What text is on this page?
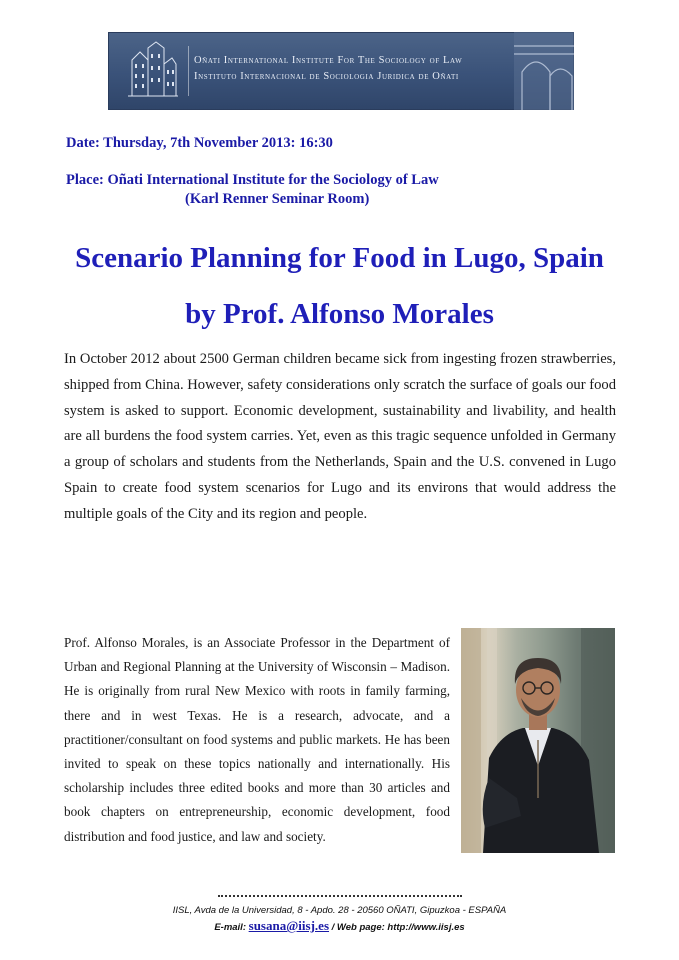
Oñati International Institute For The Sociology of Law
Instituto Internacional de Sociologia Juridica de Oñati
Date: Thursday, 7th November 2013: 16:30
Place: Oñati International Institute for the Sociology of Law
(Karl Renner Seminar Room)
Scenario Planning for Food in Lugo, Spain
by Prof. Alfonso Morales
In October 2012 about 2500 German children became sick from ingesting frozen strawberries, shipped from China. However, safety considerations only scratch the surface of goals our food system is asked to support. Economic development, sustainability and livability, and health are all burdens the food system carries. Yet, even as this tragic sequence unfolded in Germany a group of scholars and students from the Netherlands, Spain and the U.S. convened in Lugo Spain to create food system scenarios for Lugo and its environs that would address the multiple goals of the City and its region and people.
Prof. Alfonso Morales, is an Associate Professor in the Department of Urban and Regional Planning at the University of Wisconsin – Madison. He is originally from rural New Mexico with roots in family farming, there and in west Texas. He is a research, advocate, and a practitioner/consultant on food systems and public markets. He has been invited to speak on these topics nationally and internationally. His scholarship includes three edited books and more than 30 articles and book chapters on entrepreneurship, economic development, food distribution and food justice, and law and society.
IISL, Avda de la Universidad, 8 - Apdo. 28 - 20560 OÑATI, Gipuzkoa - ESPAÑA
E-mail: susana@iisj.es / Web page: http://www.iisj.es
